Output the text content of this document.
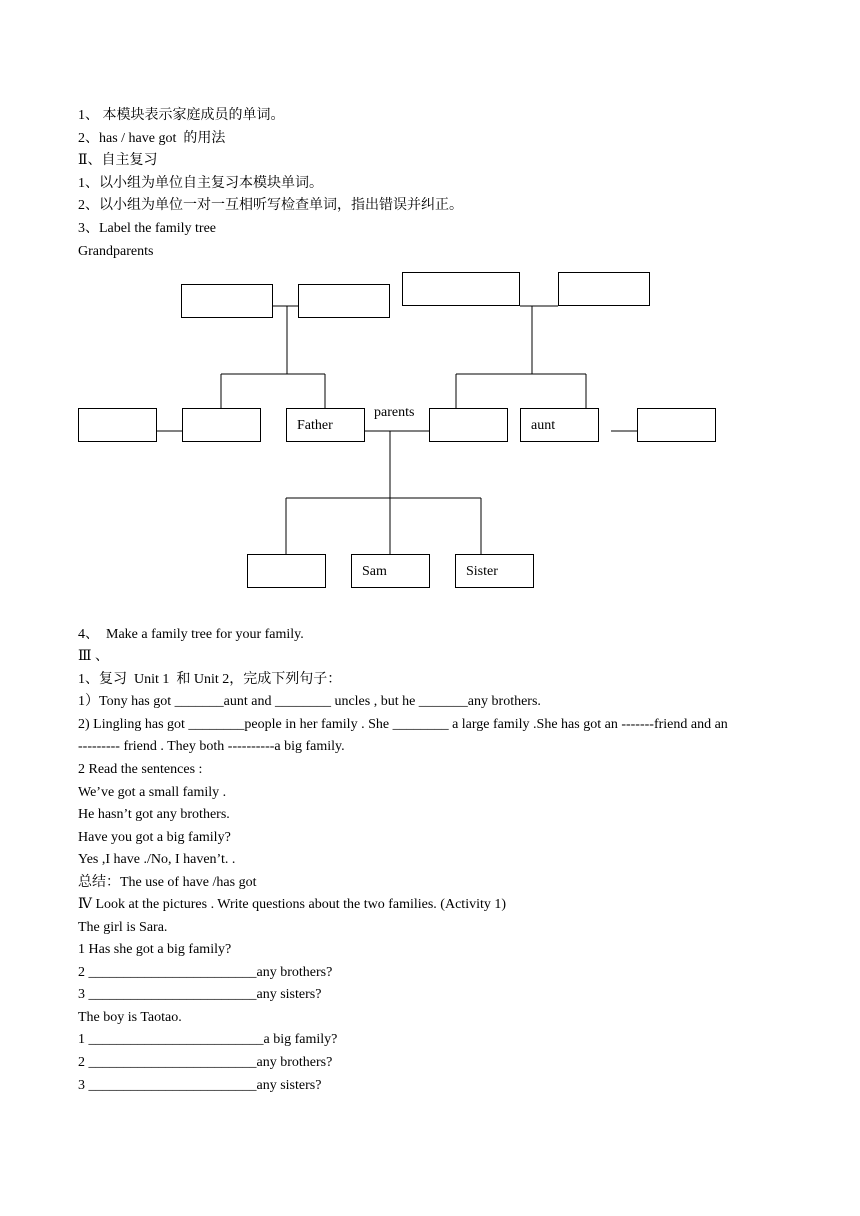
1、 本模块表示家庭成员的单词。
2、has / have got  的用法
Ⅱ、自主复习
1、以小组为单位自主复习本模块单词。
2、以小组为单位一对一互相听写检查单词，指出错误并纠正。
3、Label the family tree
Grandparents
Father
parents
aunt
Sam	Sister
4、  Make a family tree for your family.
Ⅲ 、
1、复习  Unit 1  和 Unit 2，完成下列句子：
1）Tony has got _______aunt and ________ uncles , but he _______any brothers.
2) Lingling has got ________people in her family . She ________ a large family .She has got an -------friend and an
--------- friend . They both ----------a big family.
2 Read the sentences :
We’ve got a small family .
He hasn’t got any brothers.
Have you got a big family?
Yes ,I have ./No, I haven’t. .
总结：The use of have /has got
Ⅳ Look at the pictures . Write questions about the two families. (Activity 1)
The girl is Sara.
1 Has she got a big family?
2 ________________________any brothers?
3 ________________________any sisters?
The boy is Taotao.
1 _________________________a big family?
2 ________________________any brothers?
3 ________________________any sisters?
